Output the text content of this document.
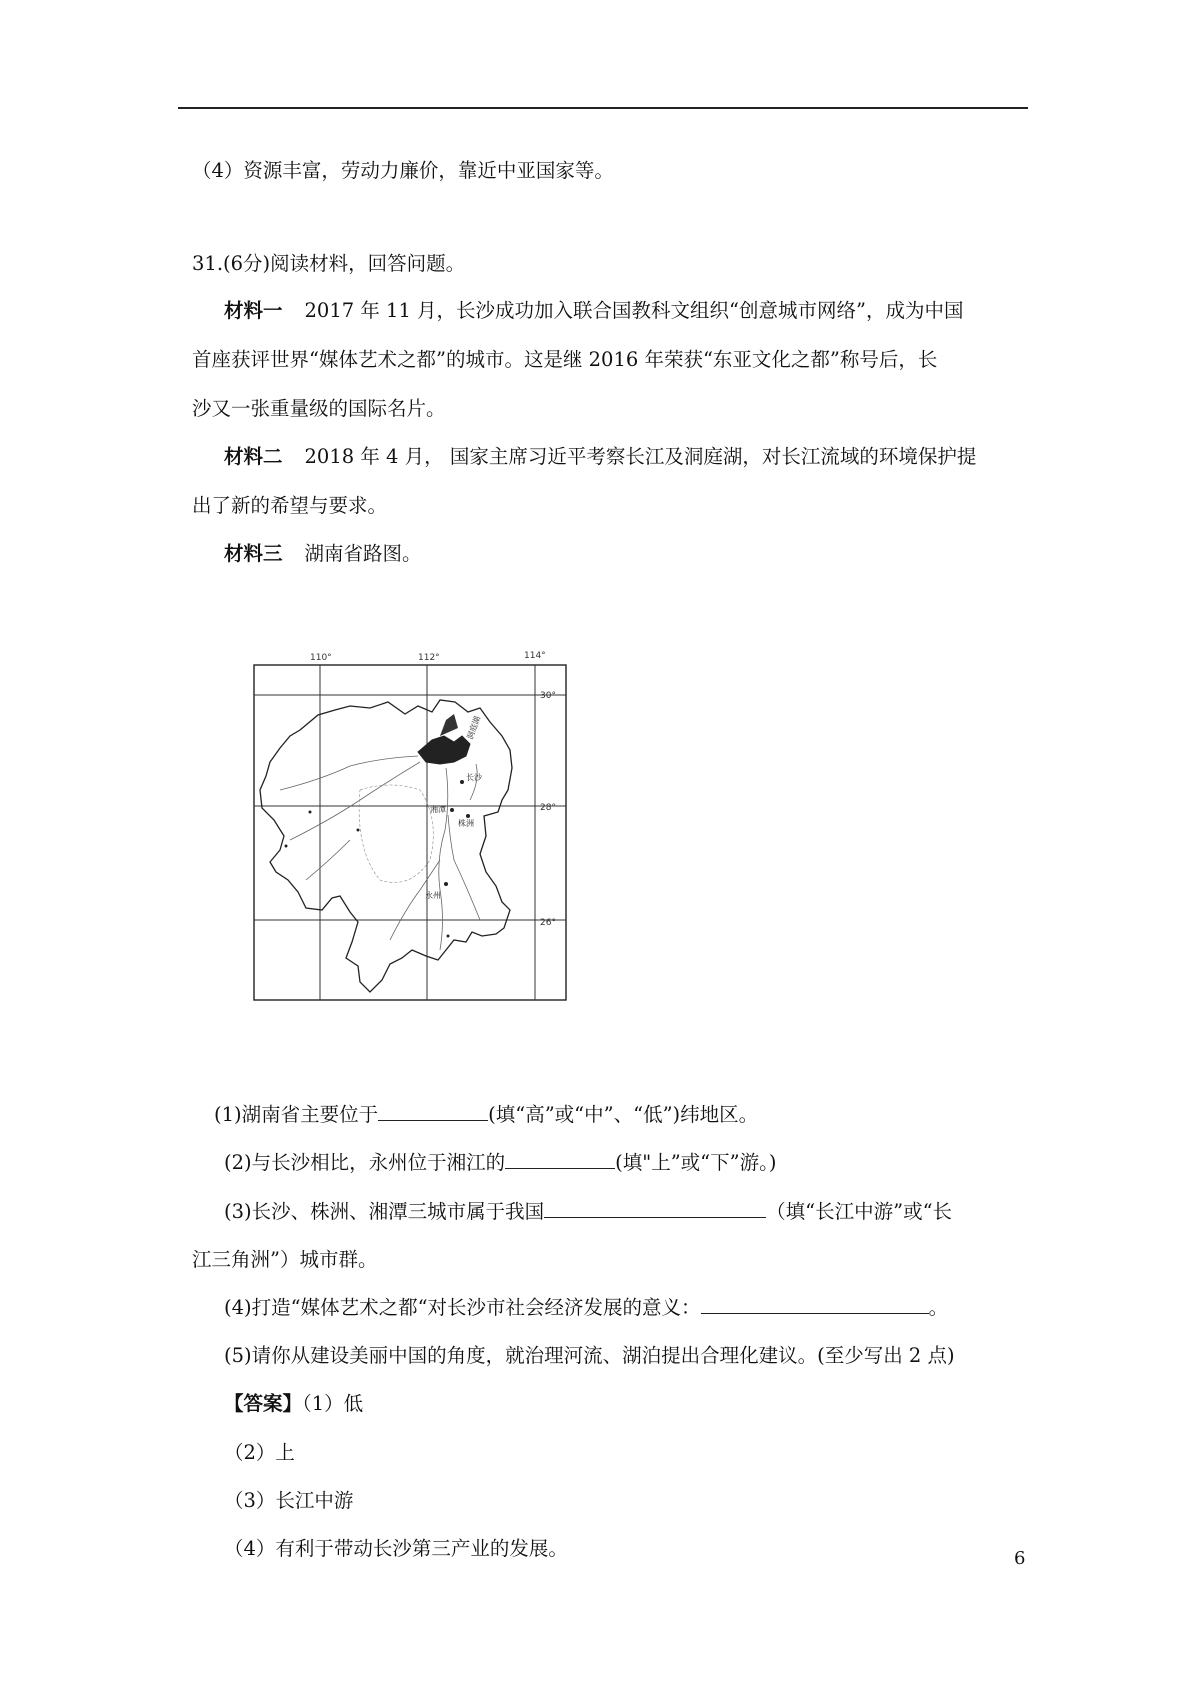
（4）资源丰富，劳动力廉价，靠近中亚国家等。
31.(6分)阅读材料，回答问题。
材料一 2017 年 11 月，长沙成功加入联合国教科文组织“创意城市网络”，成为中国
首座获评世界“媒体艺术之都”的城市。这是继 2016 年荣获“东亚文化之都”称号后，长
沙又一张重量级的国际名片。
材料二 2018 年 4 月， 国家主席习近平考察长江及洞庭湖，对长江流域的环境保护提
出了新的希望与要求。
材料三 湖南省路图。
110°	112°	114°
30°
28°
26°
长沙
湘潭
株洲
永州
洞庭湖
(1)湖南省主要位于	(填“高”或“中”、“低”)纬地区。
(2)与长沙相比，永州位于湘江的	(填"上”或“下”游。)
(3)长沙、株洲、湘潭三城市属于我国	（填“长江中游”或“长
江三角洲”）城市群。
(4)打造“媒体艺术之都“对长沙市社会经济发展的意义：	。
(5)请你从建设美丽中国的角度，就治理河流、湖泊提出合理化建议。(至少写出 2 点)
【答案】（1）低
（2）上
（3）长江中游
（4）有利于带动长沙第三产业的发展。	6
